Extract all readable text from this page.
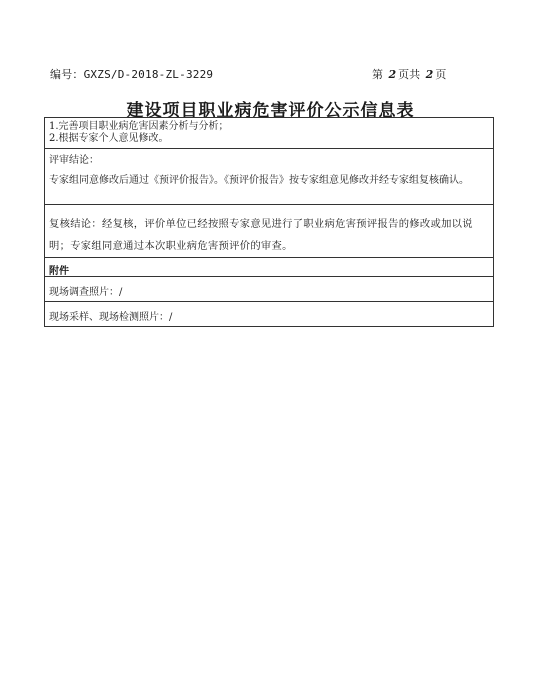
编号：GXZS/D-2018-ZL-3229	第 2 页共 2 页
建设项目职业病危害评价公示信息表
1.完善项目职业病危害因素分析与分析；
2.根据专家个人意见修改。
评审结论：
专家组同意修改后通过《预评价报告》。《预评价报告》按专家组意见修改并经专家组复核确认。
复核结论：经复核，评价单位已经按照专家意见进行了职业病危害预评报告的修改或加以说明；专家组同意通过本次职业病危害预评价的审查。
附件
现场调查照片：/
现场采样、现场检测照片：/
